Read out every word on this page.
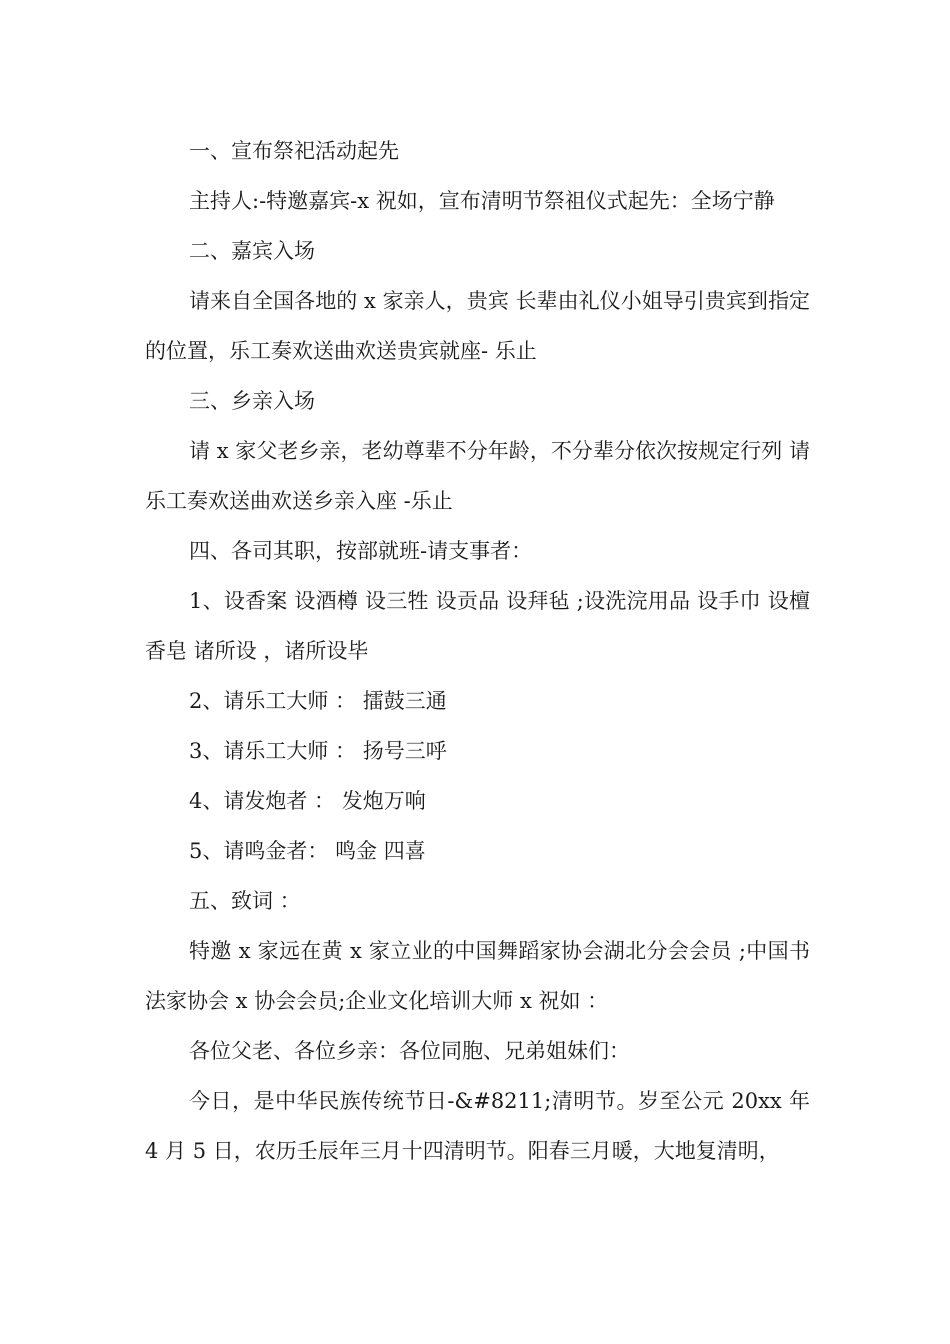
一、宣布祭祀活动起先

主持人:-特邀嘉宾-x 祝如，宣布清明节祭祖仪式起先：全场宁静

二、嘉宾入场

请来自全国各地的 x 家亲人，贵宾 长辈由礼仪小姐导引贵宾到指定的位置，乐工奏欢送曲欢送贵宾就座- 乐止

三、乡亲入场

请 x 家父老乡亲，老幼尊辈不分年龄，不分辈分依次按规定行列 请乐工奏欢送曲欢送乡亲入座 -乐止

四、各司其职，按部就班-请支事者：

1、设香案 设酒樽 设三牲 设贡品 设拜毡 ;设洗浣用品 设手巾 设檀香皂 诸所设 ，诸所设毕

2、请乐工大师 ： 擂鼓三通

3、请乐工大师 ： 扬号三呼

4、请发炮者 ： 发炮万响

5、请鸣金者： 鸣金 四喜

五、致词 ：

特邀 x 家远在黄 x 家立业的中国舞蹈家协会湖北分会会员 ;中国书法家协会 x 协会会员;企业文化培训大师 x 祝如 ：

各位父老、各位乡亲：各位同胞、兄弟姐妹们：

今日，是中华民族传统节日-&#8211;清明节。岁至公元 20xx 年 4 月 5 日，农历壬辰年三月十四清明节。阳春三月暖，大地复清明，
